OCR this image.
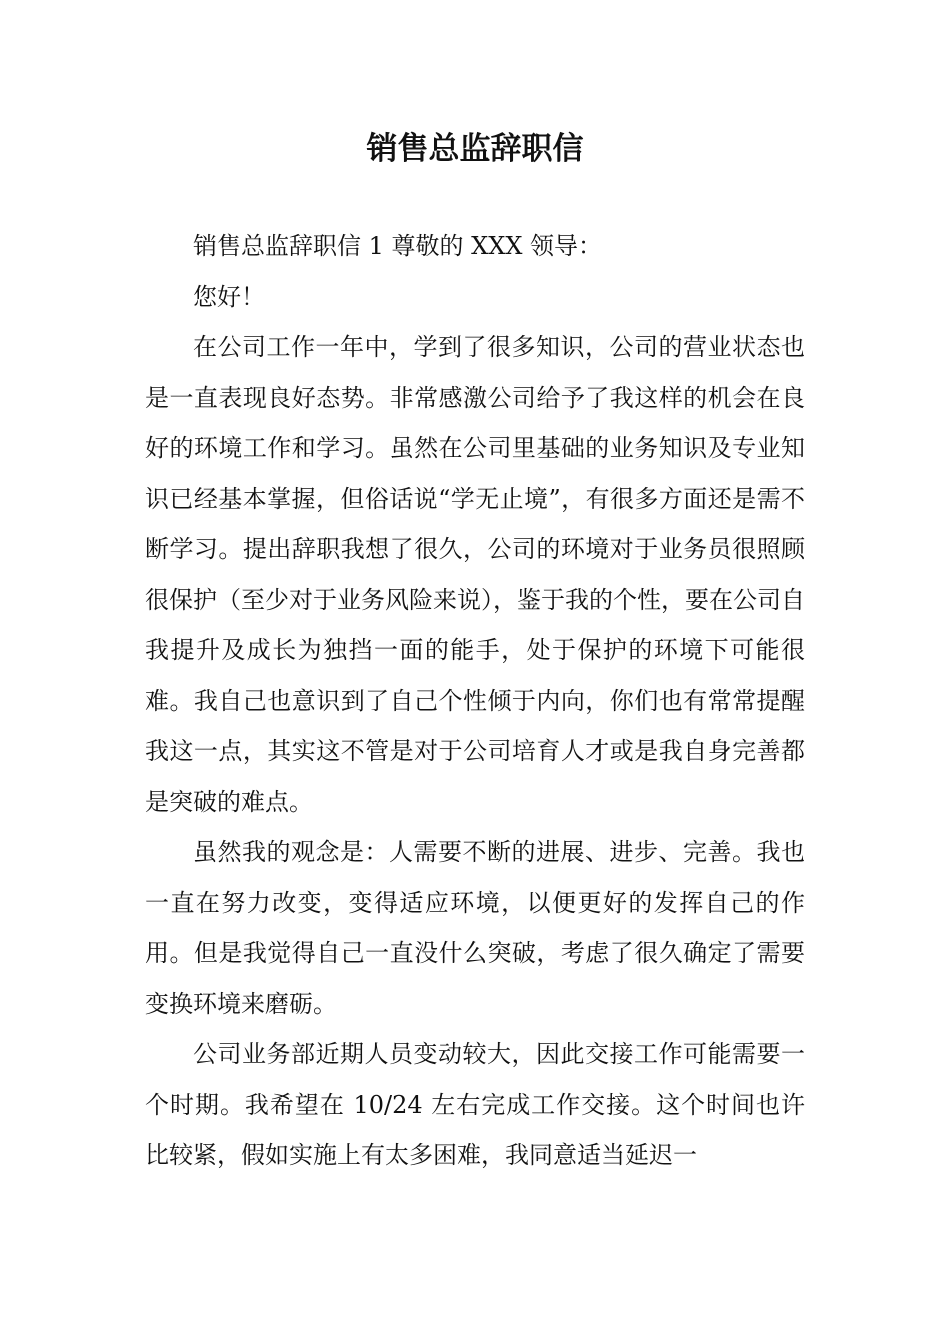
销售总监辞职信

销售总监辞职信 1 尊敬的 XXX 领导：

您好！

在公司工作一年中，学到了很多知识，公司的营业状态也是一直表现良好态势。非常感激公司给予了我这样的机会在良好的环境工作和学习。虽然在公司里基础的业务知识及专业知识已经基本掌握，但俗话说“学无止境”，有很多方面还是需不断学习。提出辞职我想了很久，公司的环境对于业务员很照顾很保护（至少对于业务风险来说），鉴于我的个性，要在公司自我提升及成长为独挡一面的能手，处于保护的环境下可能很难。我自己也意识到了自己个性倾于内向，你们也有常常提醒我这一点，其实这不管是对于公司培育人才或是我自身完善都是突破的难点。

虽然我的观念是：人需要不断的进展、进步、完善。我也一直在努力改变，变得适应环境，以便更好的发挥自己的作用。但是我觉得自己一直没什么突破，考虑了很久确定了需要变换环境来磨砺。

公司业务部近期人员变动较大，因此交接工作可能需要一个时期。我希望在 10/24 左右完成工作交接。这个时间也许比较紧，假如实施上有太多困难，我同意适当延迟一
